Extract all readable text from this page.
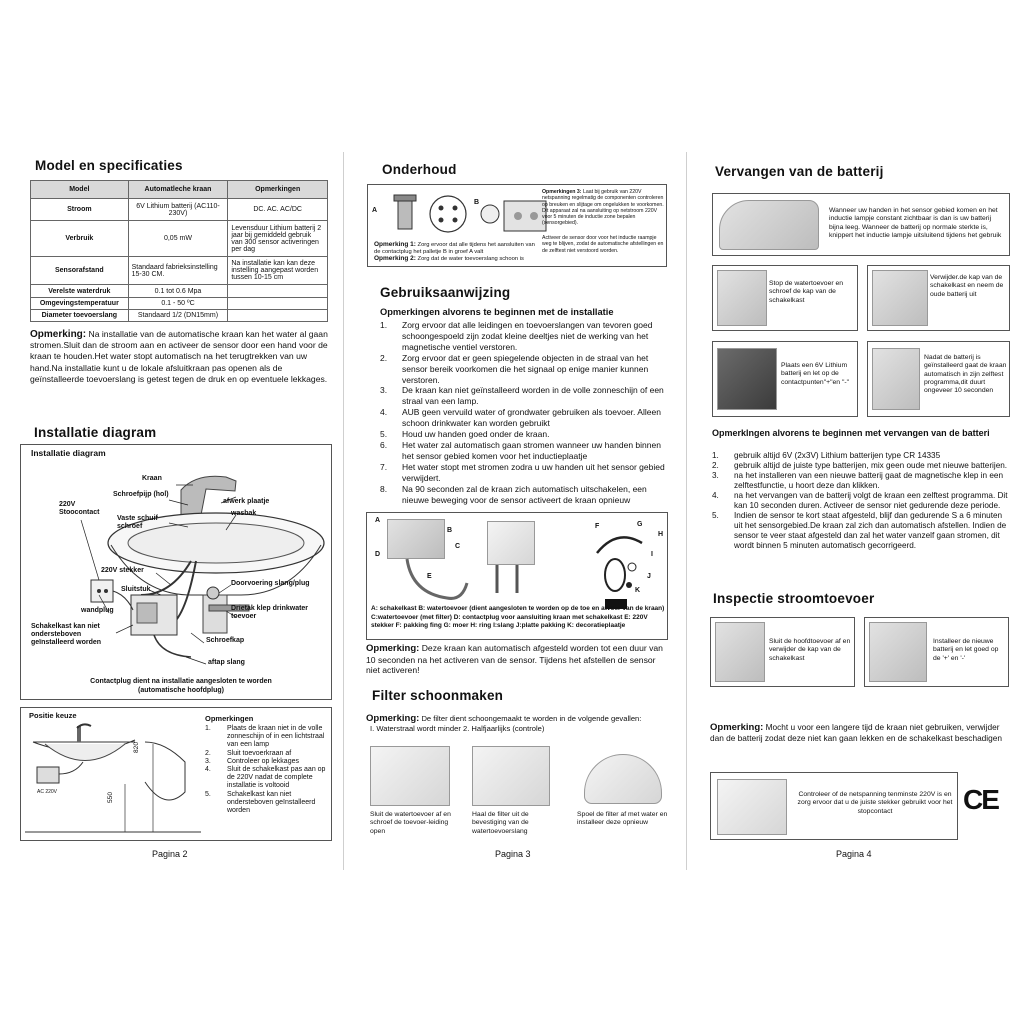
Model en specificaties
Model	Automatleche kraan	Opmerkingen
Stroom	6V Lithium batterij (AC110-230V)	DC. AC. AC/DC
Verbruik	0,05 mW	Levensduur Lithium batterij 2 jaar bij gemiddeld gebruik van 300 sensor activeringen per dag
Sensorafstand	Standaard fabrieksinstelling 15-30 CM.	Na installatie kan kan deze instelling aangepast worden tussen 10-15 cm
Verelste waterdruk	0.1 tot 0.6 Mpa	
Omgevingstemperatuur	0.1 - 50 ºC	
Diameter toevoerslang	Standaard 1/2 (DN15mm)	
Opmerking: Na installatie van de automatische kraan kan het water al gaan stromen.Sluit dan de stroom aan en activeer de sensor door een hand voor de kraan te houden.Het water stopt automatisch na het terugtrekken van uw hand.Na installatie kunt u de lokale afsluitkraan pas openen als de geïnstalleerde toevoerslang is getest tegen de druk en op eventuele lekkages.
Installatie diagram
Installatie diagram
Kraan
Schroefpijp (hol)
afwerk plaatje
Vaste schuif schroef
wasbak
220V Stoocontact
220V stekker
Sluitstuk
Doorvoering slang/plug
wandplug	Drietak klep drinkwater toevoer
Schakelkast kan niet ondersteboven geïnstalleerd worden	Schroefkap
aftap slang
Contactplug dient na installatie aangesloten te worden (automatische hoofdplug)
Positie keuze
820
550
AC 220V
Opmerkingen
1. Plaats de kraan niet in de volle zonneschijn of in een lichtstraal van een lamp
2. Sluit toevoerkraan af
3. Controleer op lekkages
4. Sluit de schakelkast pas aan op de 220V nadat de complete installatie is voltooid
5. Schakelkast kan niet ondersteboven geïnstalleerd worden
Pagina 2
Onderhoud
A
B
Opmerkingen 3: Laat bij gebruik van 220V netspanning regelmatig de componenten controleren op breuken en slijtage om ongelukken te voorkomen. Dit apparaat zal na aansluiting op netstroom 220V voor 5 minuten de inductie zone bepalen (sensorgebied).
Activeer de sensor door voor het inductie raampje weg te blijven, zodat de automatische afstellingen en de zelftest niet verstoord worden.
Opmerking 1: Zorg ervoor dat alle tijdens het aansluiten van de contactplug het palletje B in groef A valt
Opmerking 2: Zorg dat de water toevoerslang schoon is
Gebruiksaanwijzing
Opmerkingen alvorens te beginnen met de installatie
1. Zorg ervoor dat alle leidingen en toevoerslangen van tevoren goed schoongespoeld zijn zodat kleine deeltjes niet de werking van het magnetische ventiel verstoren.
2. Zorg ervoor dat er geen spiegelende objecten in de straal van het sensor bereik voorkomen die het signaal op enige manier kunnen verstoren.
3. De kraan kan niet geïnstalleerd worden in de volle zonneschijn of een straal van een lamp.
4. AUB geen vervuild water of grondwater gebruiken als toevoer. Alleen schoon drinkwater kan worden gebruikt
5. Houd uw handen goed onder de kraan.
6. Het water zal automatisch gaan stromen wanneer uw handen binnen het sensor gebied komen voor het inductieplaatje
7. Het water stopt met stromen zodra u uw handen uit het sensor gebied verwijdert.
8. Na 90 seconden zal de kraan zich automatisch uitschakelen, een nieuwe beweging voor de sensor activeert de kraan opnieuw
A
B
C
D
E
F	G
H
I
J
K
A: schakelkast B: watertoevoer (dient aangesloten te worden op de toe en atvoer van de kraan) C:watertoevoer (met filter) D: contactplug voor aansluiting kraan met schakelkast E: 220V stekker F: pakking fing G: moer H: ring I:slang J:platte pakking K: decoratieplaatje
Opmerking: Deze kraan kan automatisch afgesteld worden tot een duur van 10 seconden na het activeren van de sensor. Tijdens het afstellen de sensor niet activeren!
Filter schoonmaken
Opmerking: De filter dient schoongemaakt te worden in de volgende gevallen:
I. Waterstraal wordt minder 2. Halfjaarlijks (controle)
Sluit de watertoevoer af en schroef de toevoer-leiding open
Haal de filter uit de bevestiging van de watertoevoerslang
Spoel de filter af met water en installeer deze opnieuw
Pagina 3
Vervangen van de batterij
Wanneer uw handen in het sensor gebied komen en het inductie lampje constant zichtbaar is dan is uw batterij bijna leeg. Wanneer de batterij op normale sterkte is, knippert het inductie lampje uitsluitend tijdens het gebruik
Stop de watertoevoer en schroef de kap van de schakelkast
Verwijder.de kap van de schakelkast en neem de oude batterij uit
Plaats een 6V Lithium batterij en let op de contactpunten"+"en "-"
Nadat de batterij is geïnstalleerd gaat de kraan automatisch in zijn zelftest programma,dit duurt ongeveer 10 seconden
Opmerklngen alvorens te beginnen met vervangen van de batteri
1. gebruik altijd 6V (2x3V) Lithium batterijen type CR 14335
2. gebruik altijd de juiste type batterijen, mix geen oude met nieuwe batterijen.
3. na het installeren van een nieuwe batterij gaat de magnetische klep in een zelftestfunctie, u hoort deze dan klikken.
4. na het vervangen van de batterij volgt de kraan een zelftest programma. Dit kan 10 seconden duren. Activeer de sensor niet gedurende deze periode.
5. Indien de sensor te kort staat afgesteld, blijf dan gedurende S a 6 minuten uit het sensorgebied.De kraan zal zich dan automatisch afstellen. Indien de sensor te veer staat afgesteld dan zal het water vanzelf gaan stromen, dit wordt binnen 5 minuten automatisch gecorrigeerd.
Inspectie stroomtoevoer
Sluit de hoofdtoevoer af en verwijder de kap van de schakelkast
Installeer de nieuwe batterij en let goed op de '+' en '-'
Opmerking: Mocht u voor een langere tijd de kraan niet gebruiken, verwijder dan de batterij zodat deze niet kan gaan lekken en de schakelkast beschadigen
Controleer of de netspanning tenminste 220V is en zorg ervoor dat u de juiste stekker gebruikt voor het stopcontact	CE
Pagina 4
